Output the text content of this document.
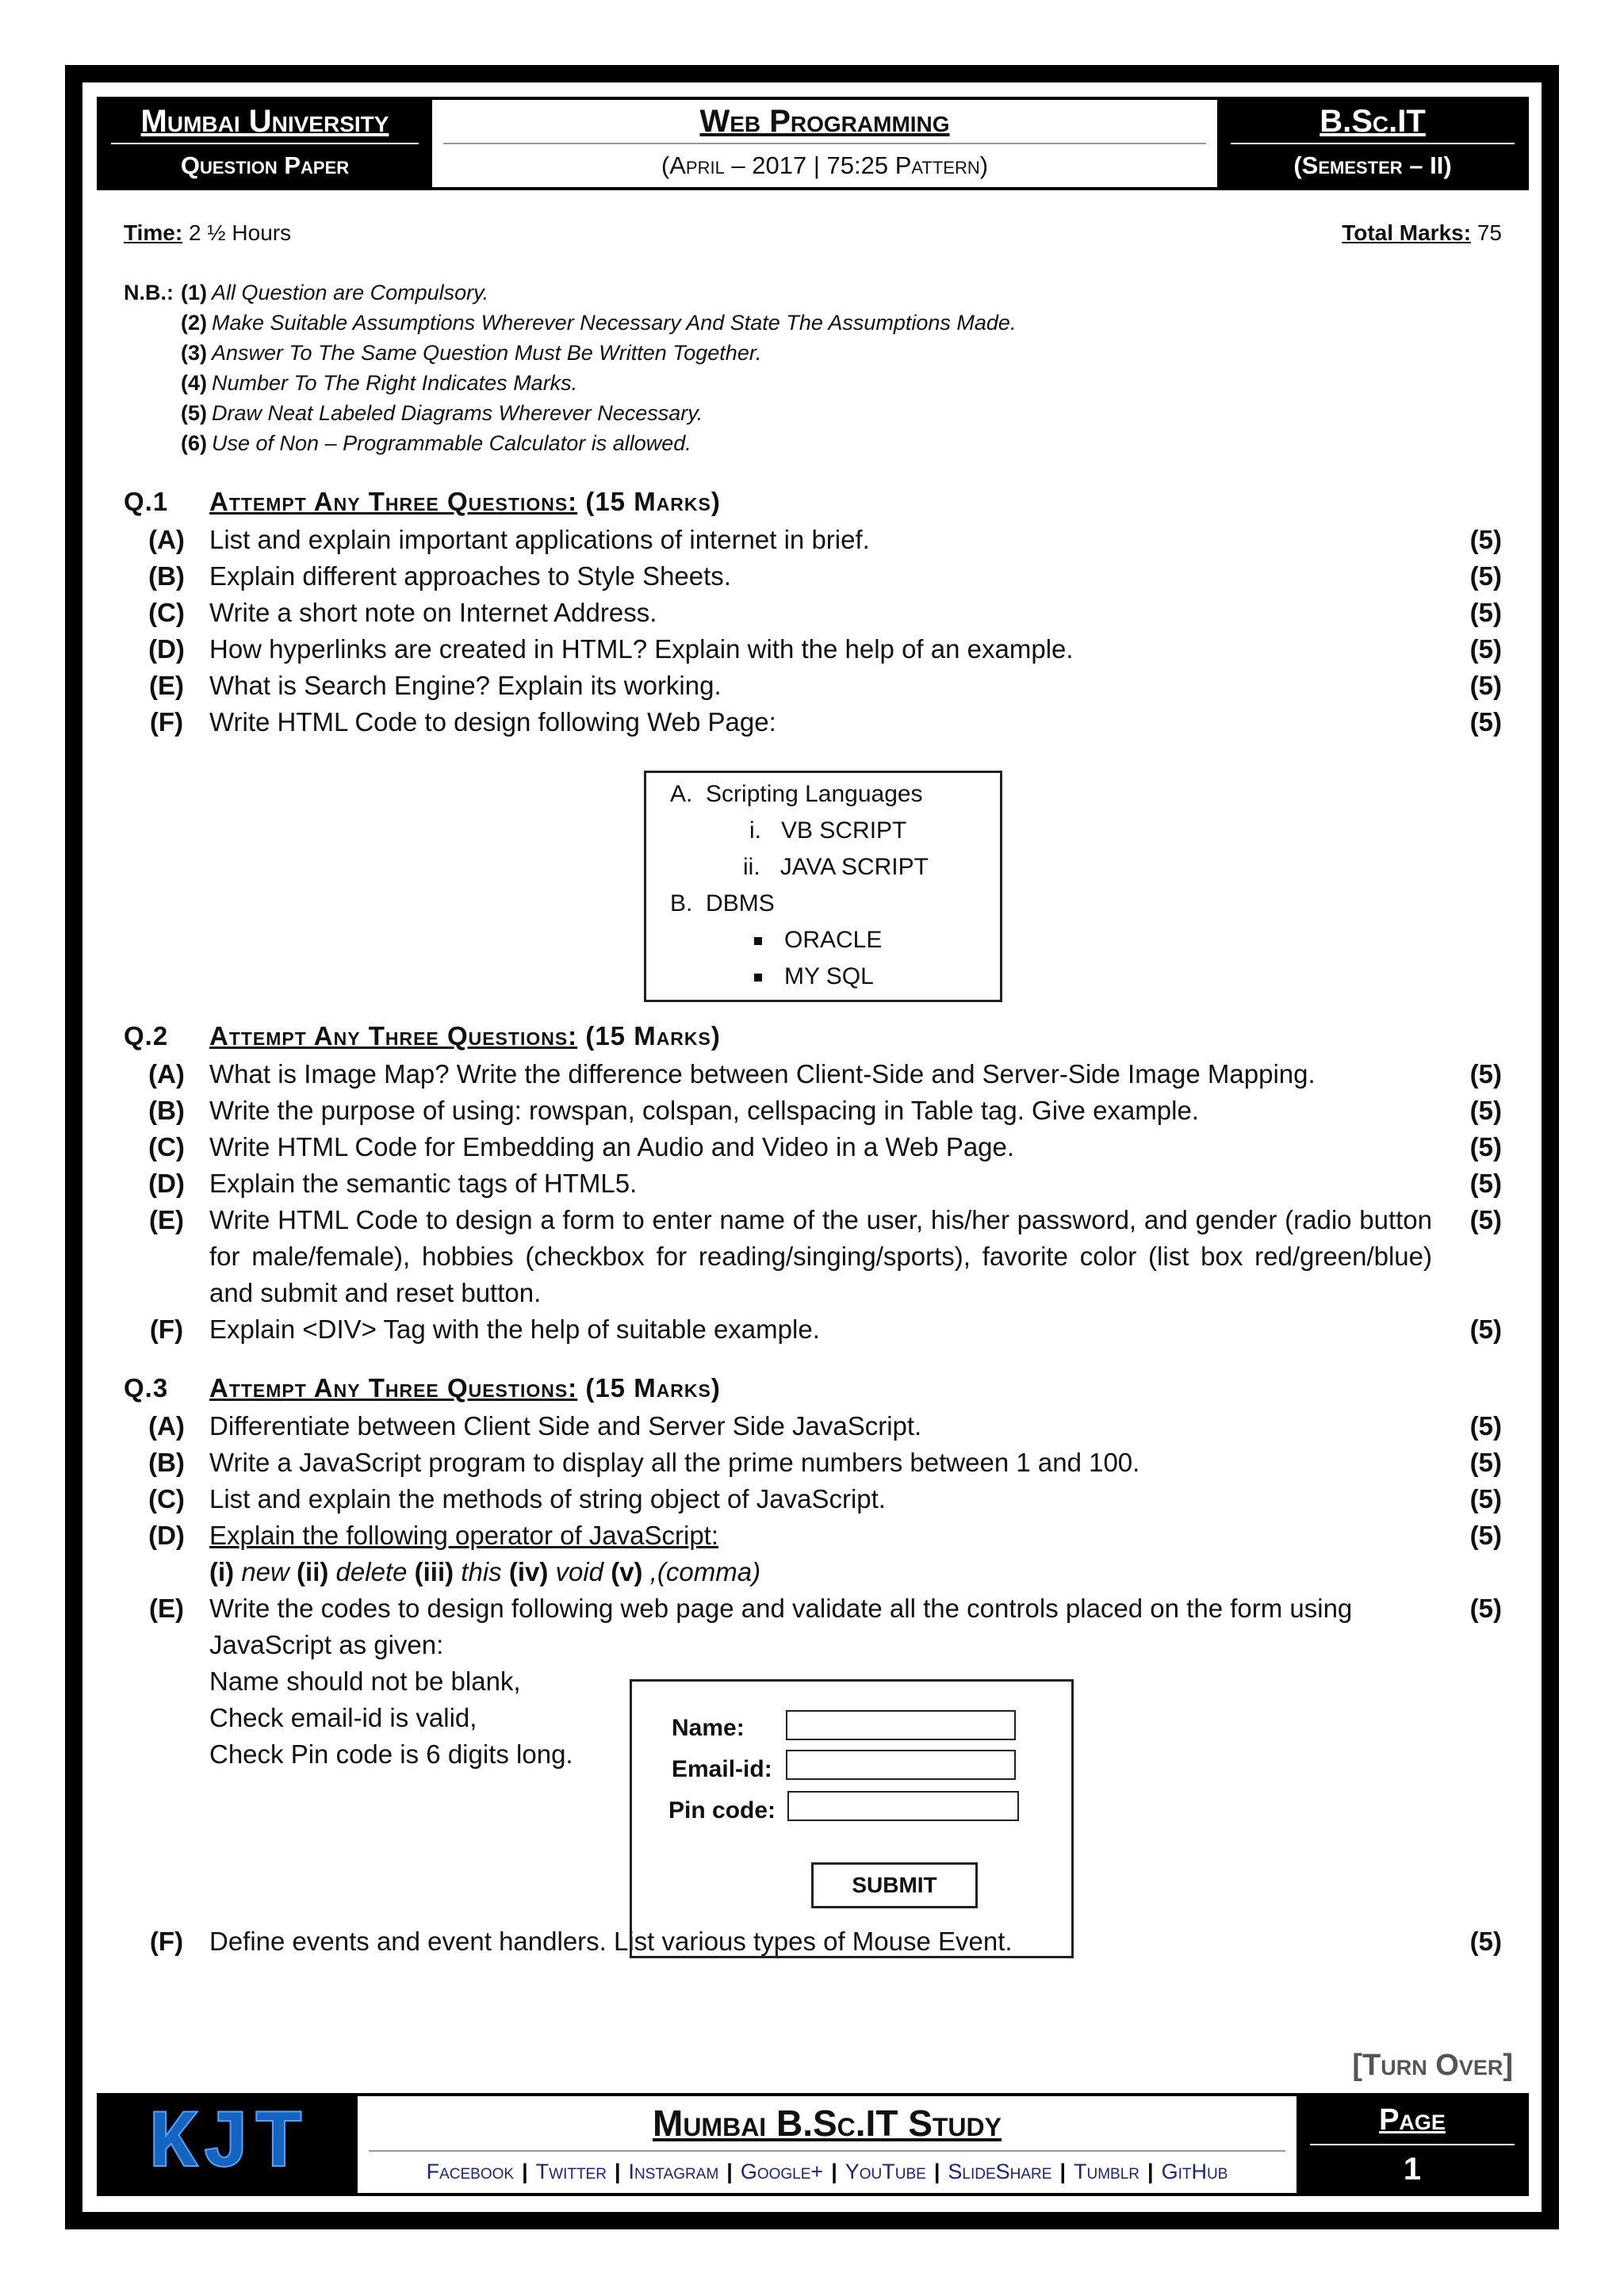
Mumbai University
Question Paper
Web Programming
(April – 2017 | 75:25 Pattern)
B.Sc.IT
(Semester – II)
Time: 2 ½ Hours	Total Marks: 75
N.B.: (1) All Question are Compulsory.
(2) Make Suitable Assumptions Wherever Necessary And State The Assumptions Made.
(3) Answer To The Same Question Must Be Written Together.
(4) Number To The Right Indicates Marks.
(5) Draw Neat Labeled Diagrams Wherever Necessary.
(6) Use of Non – Programmable Calculator is allowed.
Q.1	Attempt Any Three Questions: (15 Marks)
(A) List and explain important applications of internet in brief.	(5)
(B) Explain different approaches to Style Sheets.	(5)
(C) Write a short note on Internet Address.	(5)
(D) How hyperlinks are created in HTML? Explain with the help of an example.	(5)
(E) What is Search Engine? Explain its working.	(5)
(F) Write HTML Code to design following Web Page:	(5)
Q.2	Attempt Any Three Questions: (15 Marks)
(A) What is Image Map? Write the difference between Client-Side and Server-Side Image Mapping.	(5)
(B) Write the purpose of using: rowspan, colspan, cellspacing in Table tag. Give example.	(5)
(C) Write HTML Code for Embedding an Audio and Video in a Web Page.	(5)
(D) Explain the semantic tags of HTML5.	(5)
(E) Write HTML Code to design a form to enter name of the user, his/her password, and gender (radio button for male/female), hobbies (checkbox for reading/singing/sports), favorite color (list box red/green/blue) and submit and reset button.
(5)
(F) Explain <DIV> Tag with the help of suitable example.	(5)
Q.3	Attempt Any Three Questions: (15 Marks)
(A) Differentiate between Client Side and Server Side JavaScript.	(5)
(B) Write a JavaScript program to display all the prime numbers between 1 and 100.	(5)
(C) List and explain the methods of string object of JavaScript.	(5)
(D) Explain the following operator of JavaScript:	(5)
(i) new (ii) delete (iii) this (iv) void (v) ,(comma)
(E) Write the codes to design following web page and validate all the controls placed on the form using	(5)
JavaScript as given:
Name should not be blank,
Check email-id is valid,
Check Pin code is 6 digits long.
(F) Define events and event handlers. List various types of Mouse Event.	(5)
A. Scripting Languages
i. VB SCRIPT
ii. JAVA SCRIPT
B. DBMS
ORACLE
MY SQL
Name:
Email-id:
Pin code:
SUBMIT
[Turn Over]
KJT	Mumbai B.Sc.IT Study
Facebook | Twitter | Instagram | Google+ | YouTube | SlideShare | Tumblr | GitHub
Page
1
